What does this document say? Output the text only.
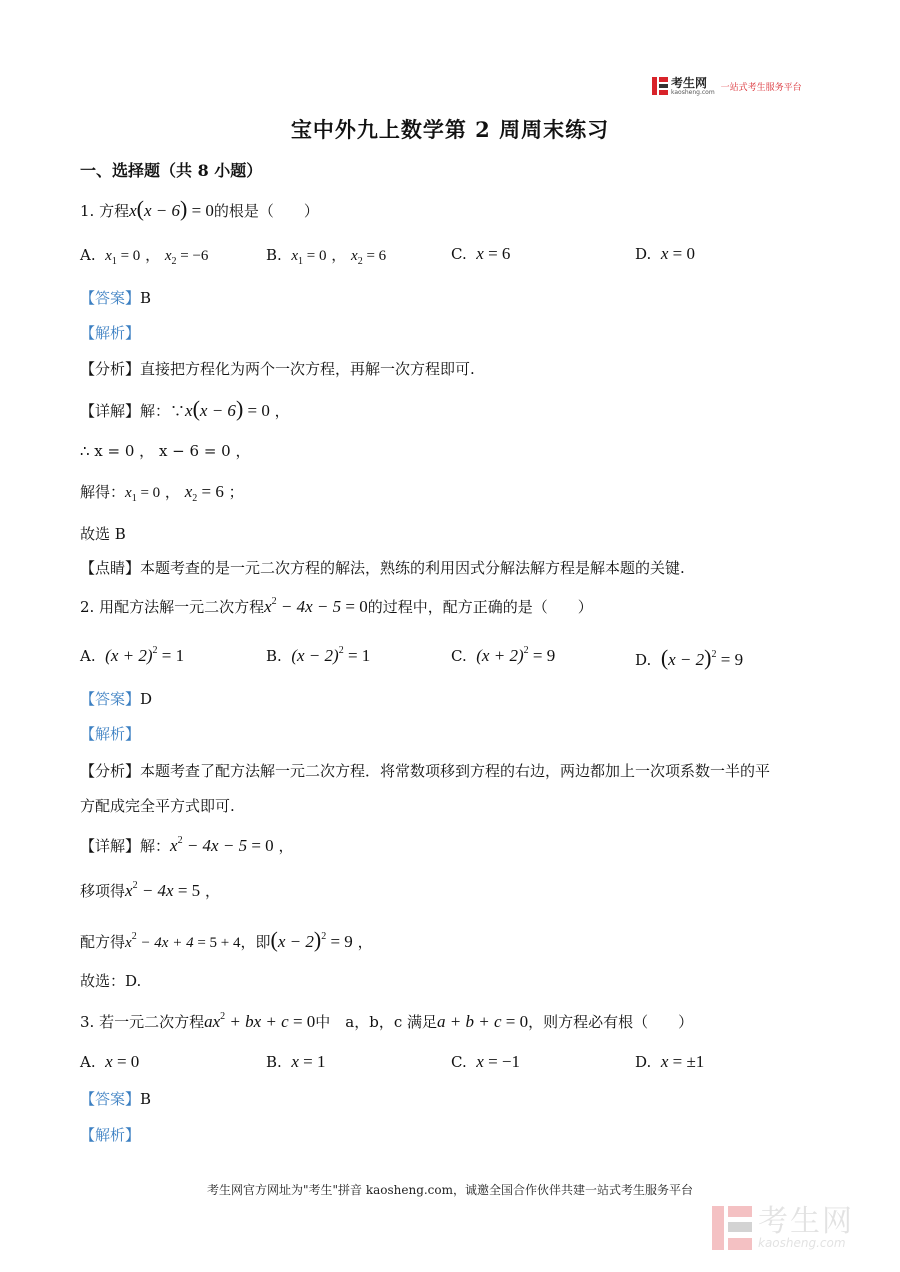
考生网
kaosheng.com 一站式考生服务平台
宝中外九上数学第 2 周周末练习
一、选择题（共 8 小题）
1. 方程x(x − 6) = 0的根是（　　）
A. $x_1 = 0$ ， $x_2 = -6$	B. $x_1 = 0$ ， $x_2 = 6$	C. x = 6	D. x = 0
【答案】B
【解析】
【分析】直接把方程化为两个一次方程，再解一次方程即可.
【详解】解：∵x(x − 6) = 0 ，
∴ x = 0 ， x − 6 = 0 ，
解得：$x_1 = 0$ ， $x_2 = 6$ ；
故选 B
【点睛】本题考查的是一元二次方程的解法，熟练的利用因式分解法解方程是解本题的关键.
2. 用配方法解一元二次方程$x^2 - 4x - 5 = 0$的过程中，配方正确的是（　　）
A. $(x + 2)^2 = 1$	B. $(x - 2)^2 = 1$	C. $(x + 2)^2 = 9$	D. $(x - 2)^2 = 9$
【答案】D
【解析】
【分析】本题考查了配方法解一元二次方程．将常数项移到方程的右边，两边都加上一次项系数一半的平
方配成完全平方式即可.
【详解】解：$x^2 - 4x - 5 = 0$ ，
移项得$x^2 - 4x = 5$ ，
配方得$x^2 - 4x + 4 = 5 + 4$，即$(x - 2)^2 = 9$ ，
故选：D.
3. 若一元二次方程$ax^2$ + bx + c = 0中　a，b，c 满足a + b + c = 0，则方程必有根（　　）
A. x = 0	B. x = 1	C. x = −1	D. x = ±1
【答案】B
【解析】
考生网官方网址为"考生"拼音 kaosheng.com，诚邀全国合作伙伴共建一站式考生服务平台
考生网
kaosheng.com
